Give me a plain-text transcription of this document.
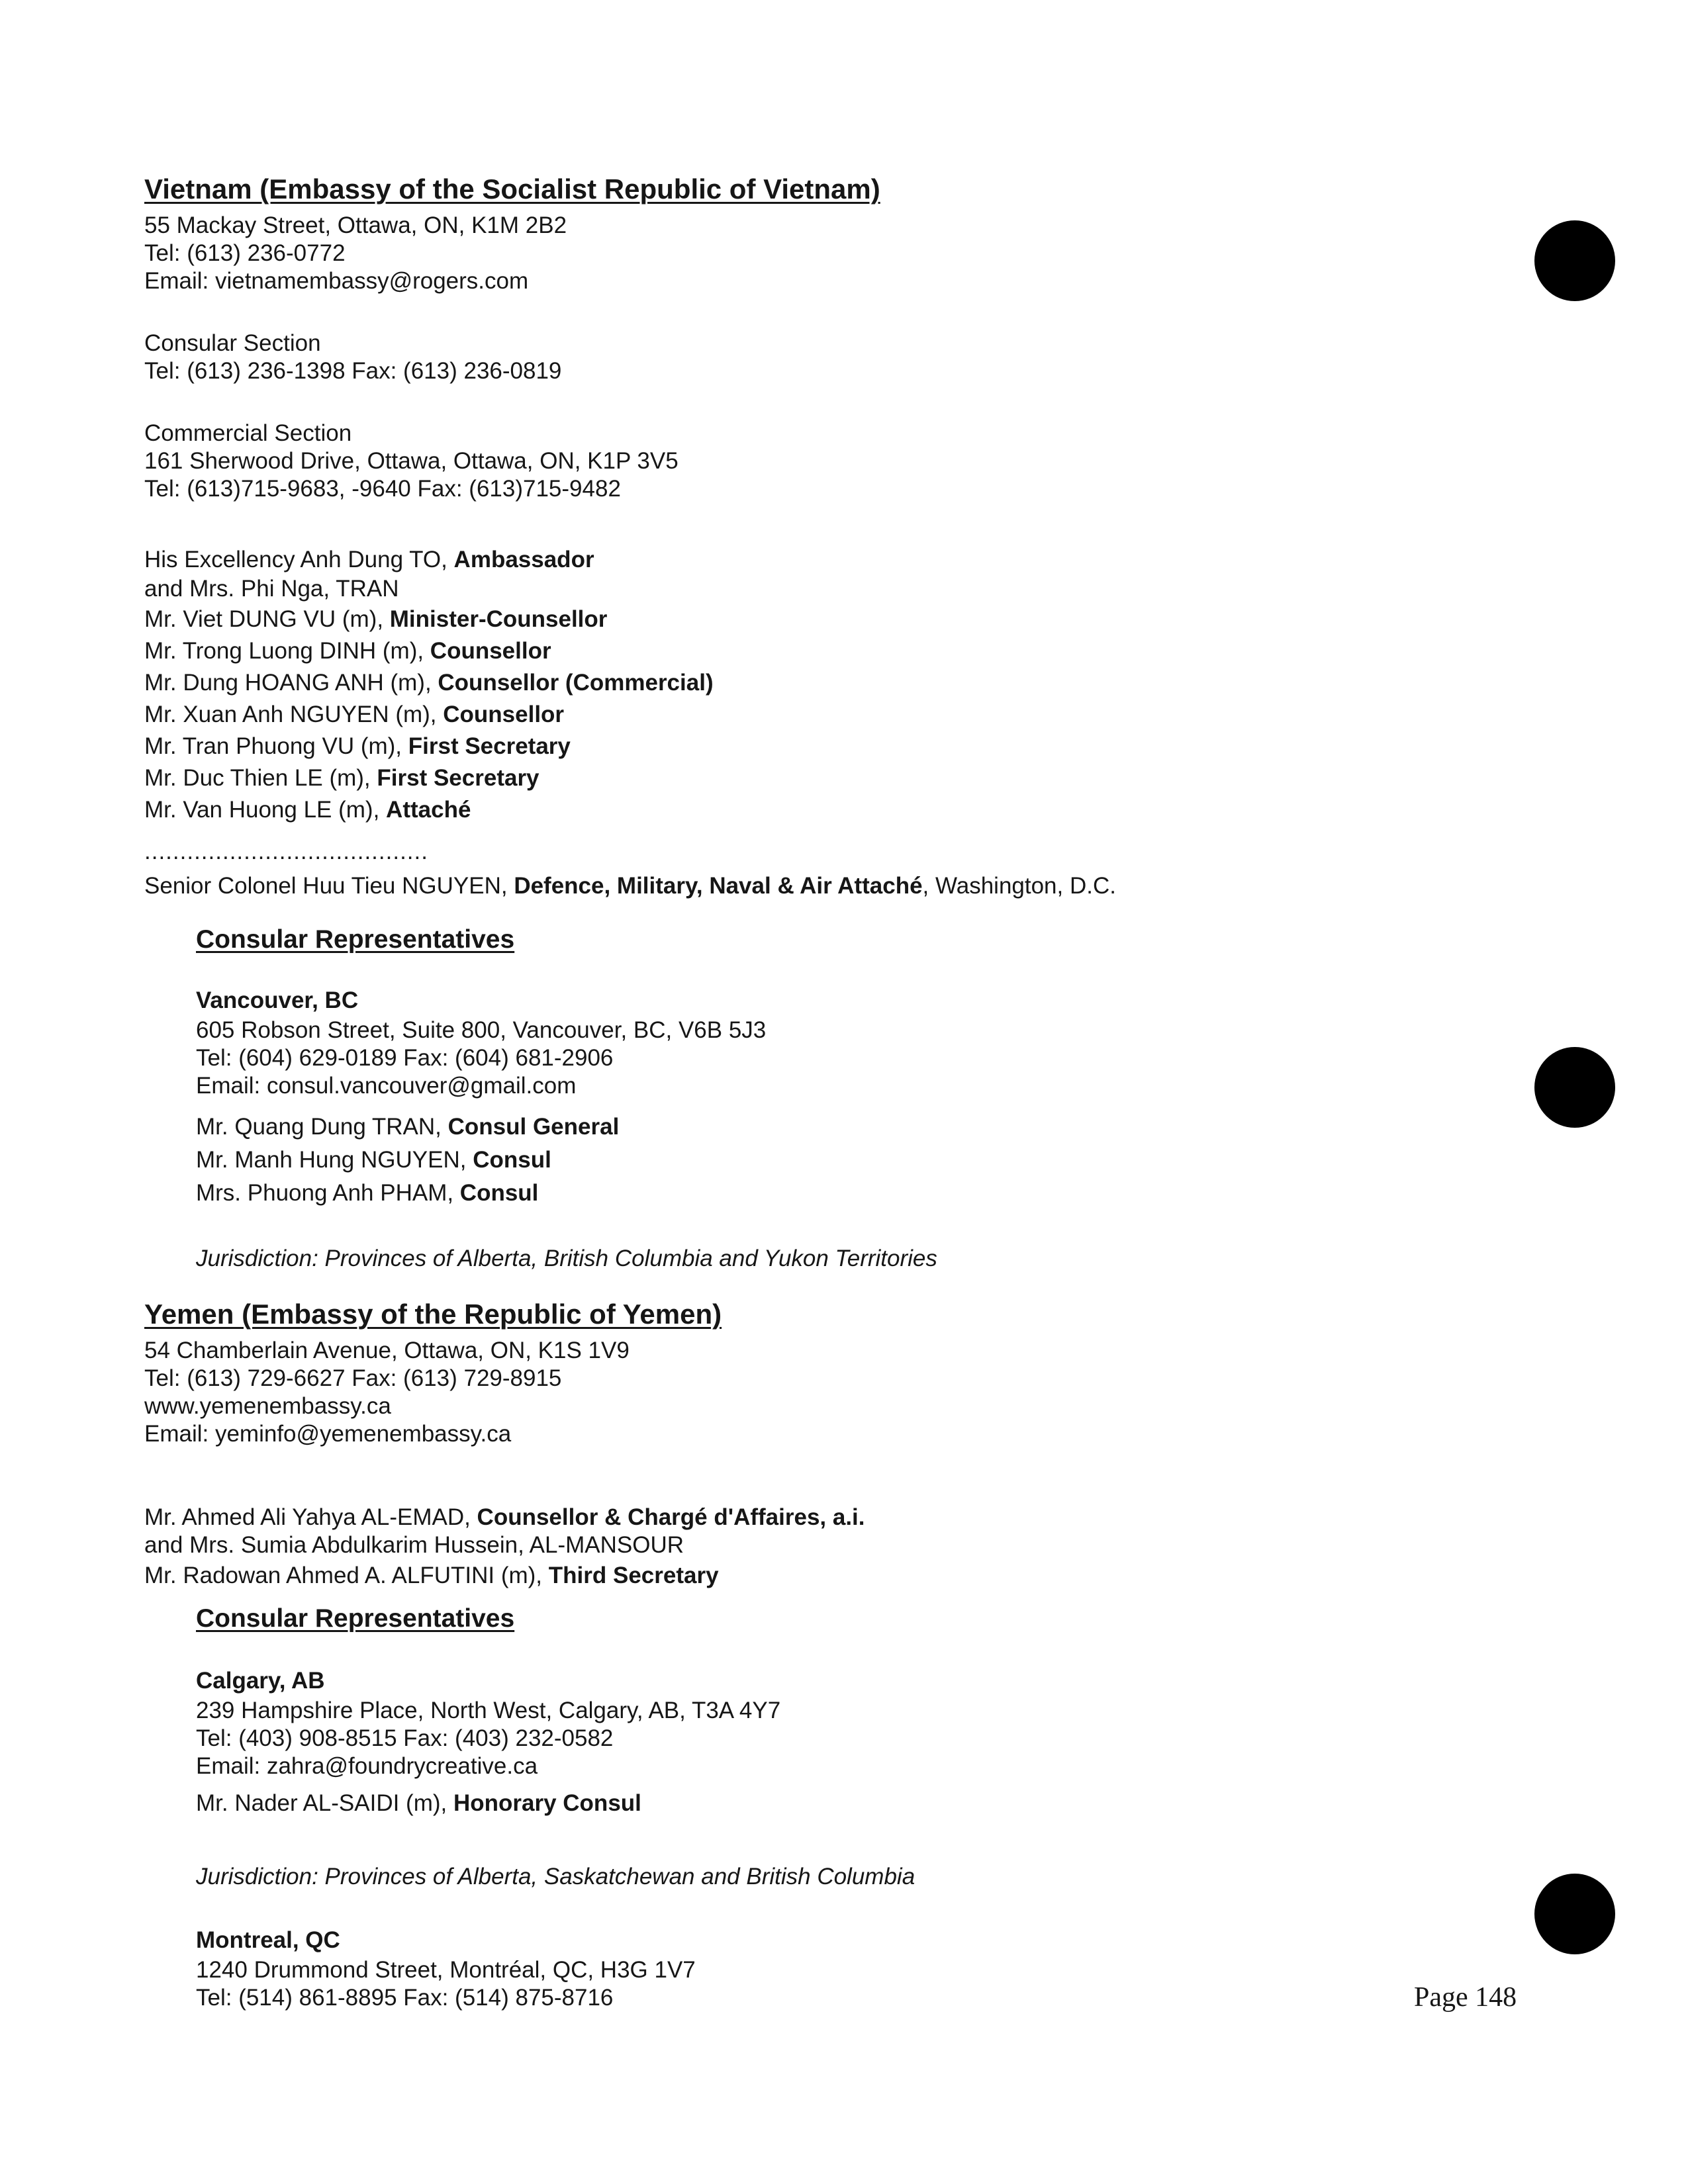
Vietnam (Embassy of the Socialist Republic of Vietnam)
55 Mackay Street, Ottawa, ON, K1M 2B2
Tel: (613) 236-0772
Email: vietnamembassy@rogers.com
Consular Section
Tel: (613) 236-1398 Fax: (613) 236-0819
Commercial Section
161 Sherwood Drive, Ottawa, Ottawa, ON, K1P 3V5
Tel: (613)715-9683, -9640 Fax: (613)715-9482
His Excellency Anh Dung TO, Ambassador
and Mrs. Phi Nga, TRAN
Mr. Viet DUNG VU (m), Minister-Counsellor
Mr. Trong Luong DINH (m), Counsellor
Mr. Dung HOANG ANH (m), Counsellor (Commercial)
Mr. Xuan Anh NGUYEN (m), Counsellor
Mr. Tran Phuong VU (m), First Secretary
Mr. Duc Thien LE (m), First Secretary
Mr. Van Huong LE (m), Attaché
........................................
Senior Colonel Huu Tieu NGUYEN, Defence, Military, Naval & Air Attaché, Washington, D.C.
Consular Representatives
Vancouver, BC
605 Robson Street, Suite 800, Vancouver, BC, V6B 5J3
Tel: (604) 629-0189 Fax: (604) 681-2906
Email: consul.vancouver@gmail.com
Mr. Quang Dung TRAN, Consul General
Mr. Manh Hung NGUYEN, Consul
Mrs. Phuong Anh PHAM, Consul
Jurisdiction: Provinces of Alberta, British Columbia and Yukon Territories
Yemen (Embassy of the Republic of Yemen)
54 Chamberlain Avenue, Ottawa, ON, K1S 1V9
Tel: (613) 729-6627 Fax: (613) 729-8915
www.yemenembassy.ca
Email: yeminfo@yemenembassy.ca
Mr. Ahmed Ali Yahya AL-EMAD, Counsellor & Chargé d'Affaires, a.i.
and Mrs. Sumia Abdulkarim Hussein, AL-MANSOUR
Mr. Radowan Ahmed A. ALFUTINI (m), Third Secretary
Consular Representatives
Calgary, AB
239 Hampshire Place, North West, Calgary, AB, T3A 4Y7
Tel: (403) 908-8515 Fax: (403) 232-0582
Email: zahra@foundrycreative.ca
Mr. Nader AL-SAIDI (m), Honorary Consul
Jurisdiction: Provinces of Alberta, Saskatchewan and British Columbia
Montreal, QC
1240 Drummond Street, Montréal, QC, H3G 1V7
Tel: (514) 861-8895 Fax: (514) 875-8716	Page 148
